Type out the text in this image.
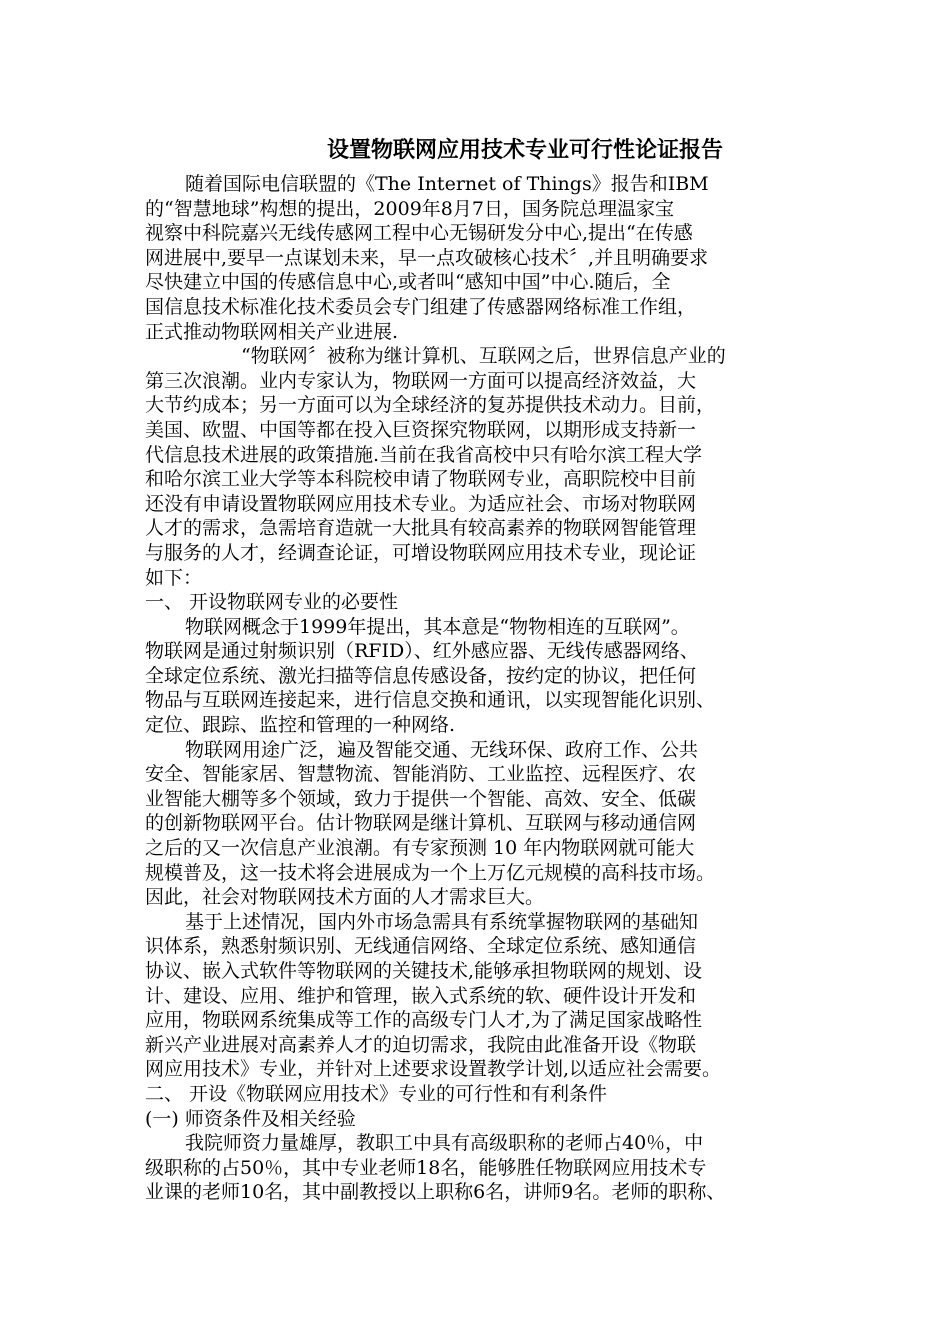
设置物联网应用技术专业可行性论证报告
随着国际电信联盟的《The Internet of Things》报告和IBM
的“智慧地球”构想的提出，2009年8月7日，国务院总理温家宝
视察中科院嘉兴无线传感网工程中心无锡研发分中心,提出“在传感
网进展中,要早一点谋划未来，早一点攻破核心技术〞,并且明确要求
尽快建立中国的传感信息中心,或者叫“感知中国”中心.随后，全
国信息技术标准化技术委员会专门组建了传感器网络标准工作组，
正式推动物联网相关产业进展.
“物联网〞被称为继计算机、互联网之后，世界信息产业的
第三次浪潮。业内专家认为，物联网一方面可以提高经济效益，大
大节约成本；另一方面可以为全球经济的复苏提供技术动力。目前，
美国、欧盟、中国等都在投入巨资探究物联网，以期形成支持新一
代信息技术进展的政策措施.当前在我省高校中只有哈尔滨工程大学
和哈尔滨工业大学等本科院校申请了物联网专业，高职院校中目前
还没有申请设置物联网应用技术专业。为适应社会、市场对物联网
人才的需求，急需培育造就一大批具有较高素养的物联网智能管理
与服务的人才，经调查论证，可增设物联网应用技术专业，现论证
如下：
一、 开设物联网专业的必要性
物联网概念于1999年提出，其本意是“物物相连的互联网”。
物联网是通过射频识别（RFID）、红外感应器、无线传感器网络、
全球定位系统、激光扫描等信息传感设备，按约定的协议，把任何
物品与互联网连接起来，进行信息交换和通讯，以实现智能化识别、
定位、跟踪、监控和管理的一种网络.
物联网用途广泛，遍及智能交通、无线环保、政府工作、公共
安全、智能家居、智慧物流、智能消防、工业监控、远程医疗、农
业智能大棚等多个领域，致力于提供一个智能、高效、安全、低碳
的创新物联网平台。估计物联网是继计算机、互联网与移动通信网
之后的又一次信息产业浪潮。有专家预测 10 年内物联网就可能大
规模普及，这一技术将会进展成为一个上万亿元规模的高科技市场。
因此，社会对物联网技术方面的人才需求巨大。
基于上述情况，国内外市场急需具有系统掌握物联网的基础知
识体系，熟悉射频识别、无线通信网络、全球定位系统、感知通信
协议、嵌入式软件等物联网的关键技术,能够承担物联网的规划、设
计、建设、应用、维护和管理，嵌入式系统的软、硬件设计开发和
应用，物联网系统集成等工作的高级专门人才,为了满足国家战略性
新兴产业进展对高素养人才的迫切需求，我院由此准备开设《物联
网应用技术》专业，并针对上述要求设置教学计划,以适应社会需要。
二、 开设《物联网应用技术》专业的可行性和有利条件
(一) 师资条件及相关经验
我院师资力量雄厚，教职工中具有高级职称的老师占40％，中
级职称的占50％，其中专业老师18名，能够胜任物联网应用技术专
业课的老师10名，其中副教授以上职称6名，讲师9名。老师的职称、
